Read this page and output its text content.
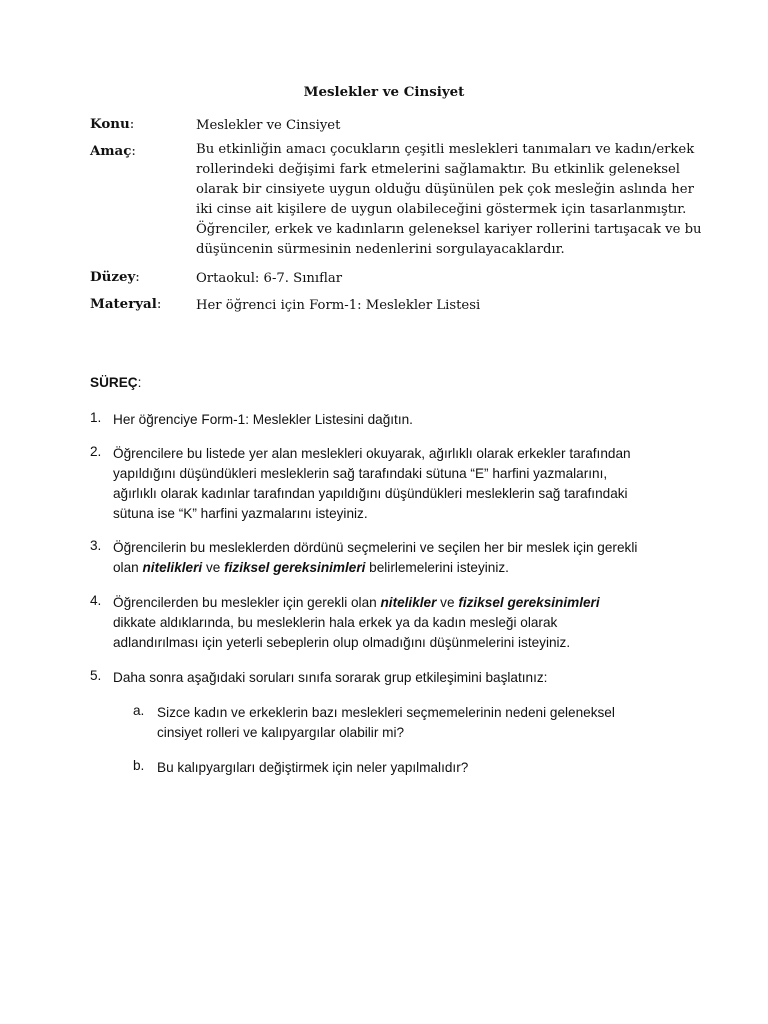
Meslekler ve Cinsiyet
Konu:	Meslekler ve Cinsiyet
Amaç:	Bu etkinliğin amacı çocukların çeşitli meslekleri tanımaları ve kadın/erkek
rollerindeki değişimi fark etmelerini sağlamaktır. Bu etkinlik geleneksel
olarak bir cinsiyete uygun olduğu düşünülen pek çok mesleğin aslında her
iki cinse ait kişilere de uygun olabileceğini göstermek için tasarlanmıştır.
Öğrenciler, erkek ve kadınların geleneksel kariyer rollerini tartışacak ve bu
düşüncenin sürmesinin nedenlerini sorgulayacaklardır.
Düzey:	Ortaokul: 6-7. Sınıflar
Materyal:	Her öğrenci için Form-1: Meslekler Listesi
SÜREÇ:
1. Her öğrenciye Form-1: Meslekler Listesini dağıtın.
2. Öğrencilere bu listede yer alan meslekleri okuyarak, ağırlıklı olarak erkekler tarafından
yapıldığını düşündükleri mesleklerin sağ tarafındaki sütuna “E” harfini yazmalarını,
ağırlıklı olarak kadınlar tarafından yapıldığını düşündükleri mesleklerin sağ tarafındaki
sütuna ise “K” harfini yazmalarını isteyiniz.
3. Öğrencilerin bu mesleklerden dördünü seçmelerini ve seçilen her bir meslek için gerekli
olan nitelikleri ve fiziksel gereksinimleri belirlemelerini isteyiniz.
4. Öğrencilerden bu meslekler için gerekli olan nitelikler ve fiziksel gereksinimleri
dikkate aldıklarında, bu mesleklerin hala erkek ya da kadın mesleği olarak
adlandırılması için yeterli sebeplerin olup olmadığını düşünmelerini isteyiniz.
5. Daha sonra aşağıdaki soruları sınıfa sorarak grup etkileşimini başlatınız:
a. Sizce kadın ve erkeklerin bazı meslekleri seçmemelerinin nedeni geleneksel
cinsiyet rolleri ve kalıpyargılar olabilir mi?
b. Bu kalıpyargıları değiştirmek için neler yapılmalıdır?
